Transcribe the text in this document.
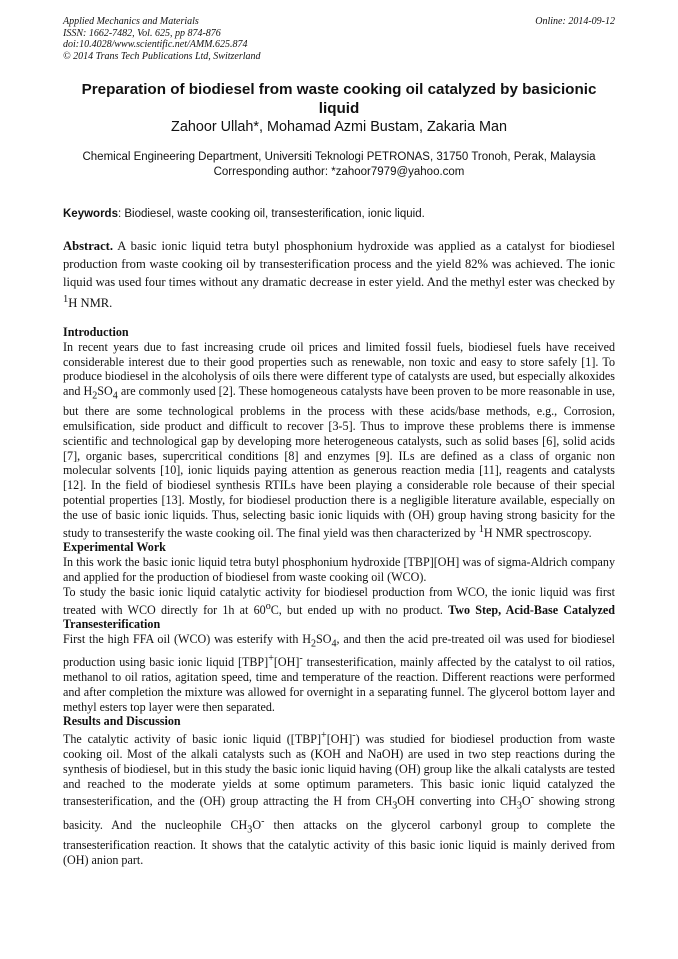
Applied Mechanics and Materials
ISSN: 1662-7482, Vol. 625, pp 874-876
doi:10.4028/www.scientific.net/AMM.625.874
© 2014 Trans Tech Publications Ltd, Switzerland
Online: 2014-09-12
Preparation of biodiesel from waste cooking oil catalyzed by basicionic liquid
Zahoor Ullah*, Mohamad Azmi Bustam, Zakaria Man
Chemical Engineering Department, Universiti Teknologi PETRONAS, 31750 Tronoh, Perak, Malaysia
Corresponding author: *zahoor7979@yahoo.com
Keywords: Biodiesel, waste cooking oil, transesterification, ionic liquid.
Abstract. A basic ionic liquid tetra butyl phosphonium hydroxide was applied as a catalyst for biodiesel production from waste cooking oil by transesterification process and the yield 82% was achieved. The ionic liquid was used four times without any dramatic decrease in ester yield. And the methyl ester was checked by $^1$H NMR.
Introduction

In recent years due to fast increasing crude oil prices and limited fossil fuels, biodiesel fuels have received considerable interest due to their good properties such as renewable, non toxic and easy to store safely [1]. To produce biodiesel in the alcoholysis of oils there were different type of catalysts are used, but especially alkoxides and $H_2SO_4$ are commonly used [2]. These homogeneous catalysts have been proven to be more reasonable in use, but there are some technological problems in the process with these acids/base methods, e.g., Corrosion, emulsification, side product and difficult to recover [3-5]. Thus to improve these problems there is immense scientific and technological gap by developing more heterogeneous catalysts, such as solid bases [6], solid acids [7], organic bases, supercritical conditions [8] and enzymes [9]. ILs are defined as a class of organic non molecular solvents [10], ionic liquids paying attention as generous reaction media [11], reagents and catalysts [12]. In the field of biodiesel synthesis RTILs have been playing a considerable role because of their special potential properties [13]. Mostly, for biodiesel production there is a negligible literature available, especially on the use of basic ionic liquids. Thus, selecting basic ionic liquids with (OH) group having strong basicity for the study to transesterify the waste cooking oil. The final yield was then characterized by $^1$H NMR spectroscopy.

Experimental Work

In this work the basic ionic liquid tetra butyl phosphonium hydroxide [TBP][OH] was of sigma-Aldrich company and applied for the production of biodiesel from waste cooking oil (WCO).

To study the basic ionic liquid catalytic activity for biodiesel production from WCO, the ionic liquid was first treated with WCO directly for 1h at 60$^o$C, but ended up with no product. Two Step, Acid-Base Catalyzed Transesterification

First the high FFA oil (WCO) was esterify with $H_2SO_4$, and then the acid pre-treated oil was used for biodiesel production using basic ionic liquid [TBP]+[OH]- transesterification, mainly affected by the catalyst to oil ratios, methanol to oil ratios, agitation speed, time and temperature of the reaction. Different reactions were performed and after completion the mixture was allowed for overnight in a separating funnel. The glycerol bottom layer and methyl esters top layer were then separated.

Results and Discussion

The catalytic activity of basic ionic liquid ([TBP]+[OH]-) was studied for biodiesel production from waste cooking oil. Most of the alkali catalysts such as (KOH and NaOH) are used in two step reactions during the synthesis of biodiesel, but in this study the basic ionic liquid having (OH) group like the alkali catalysts are tested and reached to the moderate yields at some optimum parameters. This basic ionic liquid catalyzed the transesterification, and the (OH) group attracting the H from $CH_3OH$ converting into $CH_3O^-$ showing strong basicity. And the nucleophile $CH_3O^-$ then attacks on the glycerol carbonyl group to complete the transesterification reaction. It shows that the catalytic activity of this basic ionic liquid is mainly derived from (OH) anion part.
